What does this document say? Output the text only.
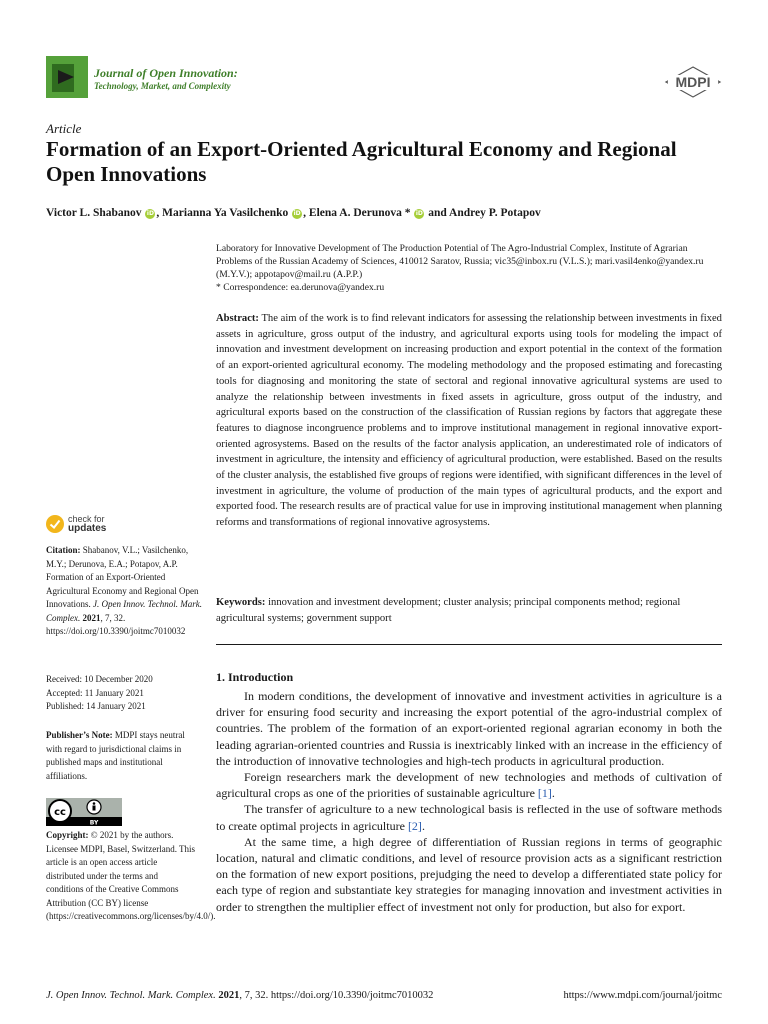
Journal of Open Innovation:
Technology, Market, and Complexity	MDPI
Article
Formation of an Export-Oriented Agricultural Economy and Regional Open Innovations
Victor L. Shabanov iD , Marianna Ya Vasilchenko iD , Elena A. Derunova * iD and Andrey P. Potapov
Laboratory for Innovative Development of The Production Potential of The Agro-Industrial Complex, Institute of Agrarian Problems of the Russian Academy of Sciences, 410012 Saratov, Russia; vic35@inbox.ru (V.L.S.); mari.vasil4enko@yandex.ru (M.Y.V.); appotapov@mail.ru (A.P.P.)
* Correspondence: ea.derunova@yandex.ru
Abstract: The aim of the work is to find relevant indicators for assessing the relationship between investments in fixed assets in agriculture, gross output of the industry, and agricultural exports using tools for modeling the impact of innovation and investment development on increasing production and export potential in the context of the formation of an export-oriented agricultural economy. The modeling methodology and the proposed estimating and forecasting tools for diagnosing and monitoring the state of sectoral and regional innovative agricultural systems are used to analyze the relationship between investments in fixed assets in agriculture, gross output of the industry, and agricultural exports based on the construction of the classification of Russian regions by factors that aggregate these features to diagnose incongruence problems and to improve institutional management in regional innovative export-oriented agrosystems. Based on the results of the factor analysis application, an underestimated role of indicators of investment in agriculture, the intensity and efficiency of agricultural production, were established. Based on the results of the cluster analysis, the established five groups of regions were identified, with significant differences in the level of investment in agriculture, the volume of production of the main types of agricultural products, and the export and exported food. The research results are of practical value for use in improving institutional management when planning reforms and transformations of regional innovative agrosystems.
Keywords: innovation and investment development; cluster analysis; principal components method; regional agricultural systems; government support
1. Introduction

In modern conditions, the development of innovative and investment activities in agriculture is a driver for ensuring food security and increasing the export potential of the agro-industrial complex of countries. The problem of the formation of an export-oriented regional agrarian economy in both the leading agrarian-oriented countries and Russia is inextricably linked with an increase in the efficiency of the introduction of innovative technologies and high-tech products in agricultural production.

Foreign researchers mark the development of new technologies and methods of cultivation of agricultural crops as one of the priorities of sustainable agriculture [1].

The transfer of agriculture to a new technological basis is reflected in the use of software methods to create optimal projects in agriculture [2].

At the same time, a high degree of differentiation of Russian regions in terms of geographic location, natural and climatic conditions, and level of resource provision acts as a significant restriction on the formation of new export positions, prejudging the need to develop a differentiated state policy for each type of region and substantiate key strategies for managing innovation and investment activities in order to strengthen the multiplier effect of investment not only for production, but also for export.

check for
updates
Citation: Shabanov, V.L.; Vasilchenko, M.Y.; Derunova, E.A.; Potapov, A.P. Formation of an Export-Oriented Agricultural Economy and Regional Open Innovations. J. Open Innov. Technol. Mark. Complex. 2021, 7, 32. https://doi.org/10.3390/joitmc7010032
Received: 10 December 2020
Accepted: 11 January 2021
Published: 14 January 2021
Publisher’s Note: MDPI stays neutral with regard to jurisdictional claims in published maps and institutional affiliations.
cc
BY
Copyright: © 2021 by the authors. Licensee MDPI, Basel, Switzerland. This article is an open access article distributed under the terms and conditions of the Creative Commons Attribution (CC BY) license (https://creativecommons.org/licenses/by/4.0/).
J. Open Innov. Technol. Mark. Complex. 2021, 7, 32. https://doi.org/10.3390/joitmc7010032	https://www.mdpi.com/journal/joitmc
